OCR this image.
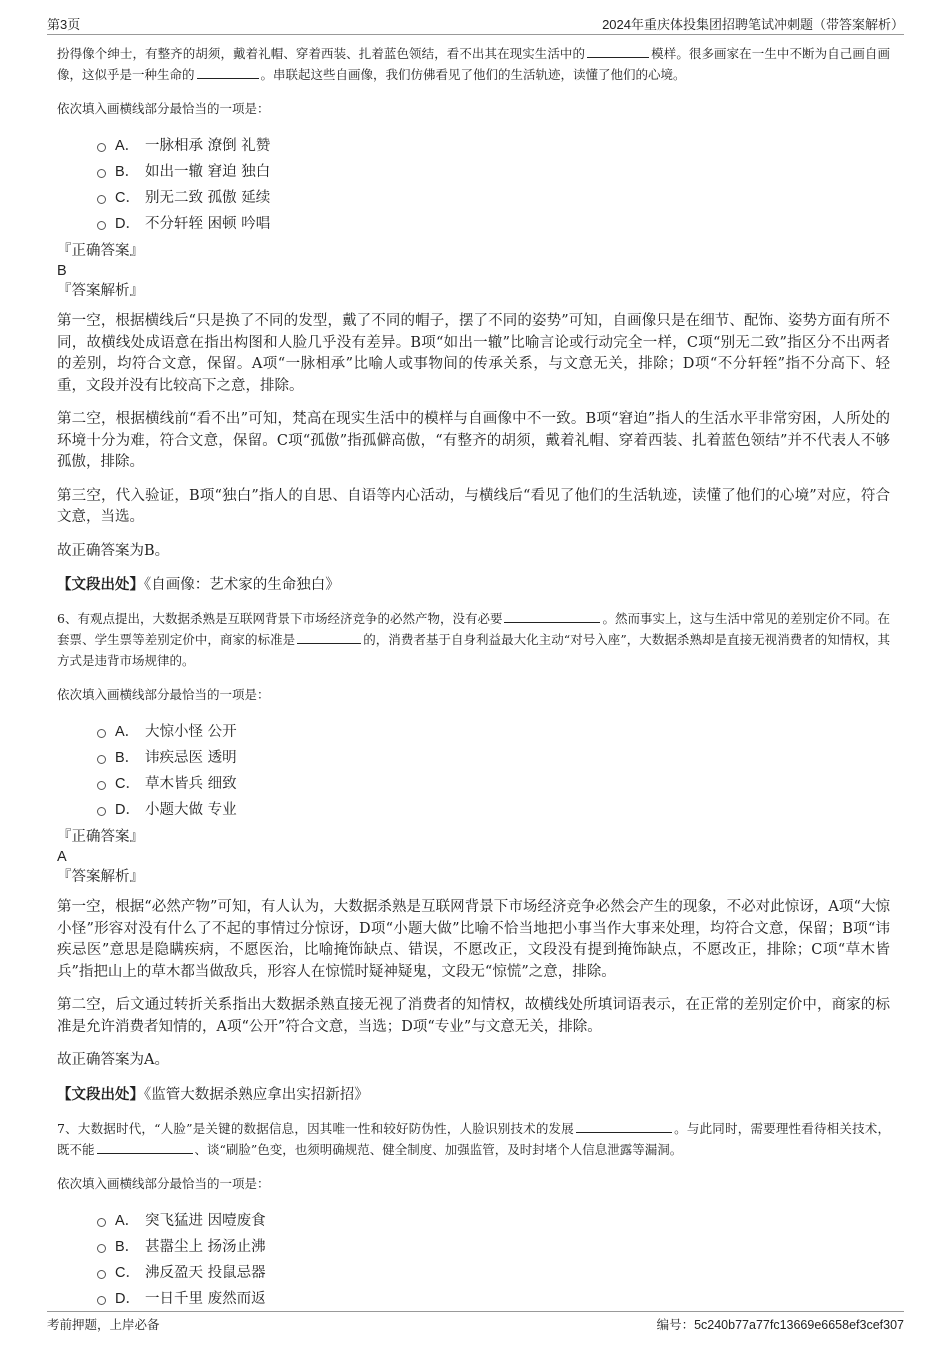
第3页	2024年重庆体投集团招聘笔试冲刺题（带答案解析）

扮得像个绅士，有整齐的胡须，戴着礼帽、穿着西装、扎着蓝色领结，看不出其在现实生活中的	模样。很多画家在一生中不断为自己画自画像，这似乎是一种生命的	。串联起这些自画像，我们仿佛看见了他们的生活轨迹，读懂了他们的心境。

依次填入画横线部分最恰当的一项是：

A． 一脉相承 潦倒 礼赞
B． 如出一辙 窘迫 独白
C． 别无二致 孤傲 延续
D． 不分轩轾 困顿 吟唱

『正确答案』

B

『答案解析』

第一空，根据横线后“只是换了不同的发型，戴了不同的帽子，摆了不同的姿势”可知，自画像只是在细节、配饰、姿势方面有所不同，故横线处成语意在指出构图和人脸几乎没有差异。B项“如出一辙”比喻言论或行动完全一样，C项“别无二致”指区分不出两者的差别，均符合文意，保留。A项“一脉相承”比喻人或事物间的传承关系，与文意无关，排除；D项“不分轩轾”指不分高下、轻重，文段并没有比较高下之意，排除。

第二空，根据横线前“看不出”可知，梵高在现实生活中的模样与自画像中不一致。B项“窘迫”指人的生活水平非常穷困，人所处的环境十分为难，符合文意，保留。C项“孤傲”指孤僻高傲，“有整齐的胡须，戴着礼帽、穿着西装、扎着蓝色领结”并不代表人不够孤傲，排除。

第三空，代入验证，B项“独白”指人的自思、自语等内心活动，与横线后“看见了他们的生活轨迹，读懂了他们的心境”对应，符合文意，当选。

故正确答案为B。

【文段出处】《自画像：艺术家的生命独白》

6、有观点提出，大数据杀熟是互联网背景下市场经济竞争的必然产物，没有必要	。然而事实上，这与生活中常见的差别定价不同。在套票、学生票等差别定价中，商家的标准是	的，消费者基于自身利益最大化主动“对号入座”，大数据杀熟却是直接无视消费者的知情权，其方式是违背市场规律的。

依次填入画横线部分最恰当的一项是：

A． 大惊小怪 公开
B． 讳疾忌医 透明
C． 草木皆兵 细致
D． 小题大做 专业

『正确答案』

A

『答案解析』

第一空，根据“必然产物”可知，有人认为，大数据杀熟是互联网背景下市场经济竞争必然会产生的现象，不必对此惊讶，A项“大惊小怪”形容对没有什么了不起的事情过分惊讶，D项“小题大做”比喻不恰当地把小事当作大事来处理，均符合文意，保留；B项“讳疾忌医”意思是隐瞒疾病，不愿医治，比喻掩饰缺点、错误，不愿改正，文段没有提到掩饰缺点，不愿改正，排除；C项“草木皆兵”指把山上的草木都当做敌兵，形容人在惊慌时疑神疑鬼，文段无“惊慌”之意，排除。

第二空，后文通过转折关系指出大数据杀熟直接无视了消费者的知情权，故横线处所填词语表示，在正常的差别定价中，商家的标准是允许消费者知情的，A项“公开”符合文意，当选；D项“专业”与文意无关，排除。

故正确答案为A。

【文段出处】《监管大数据杀熟应拿出实招新招》

7、大数据时代，“人脸”是关键的数据信息，因其唯一性和较好防伪性，人脸识别技术的发展	。与此同时，需要理性看待相关技术，既不能	、谈“刷脸”色变，也须明确规范、健全制度、加强监管，及时封堵个人信息泄露等漏洞。

依次填入画横线部分最恰当的一项是：

A． 突飞猛进 因噎废食
B． 甚嚣尘上 扬汤止沸
C． 沸反盈天 投鼠忌器
D． 一日千里 废然而返
考前押题，上岸必备	编号：5c240b77a77fc13669e6658ef3cef307
